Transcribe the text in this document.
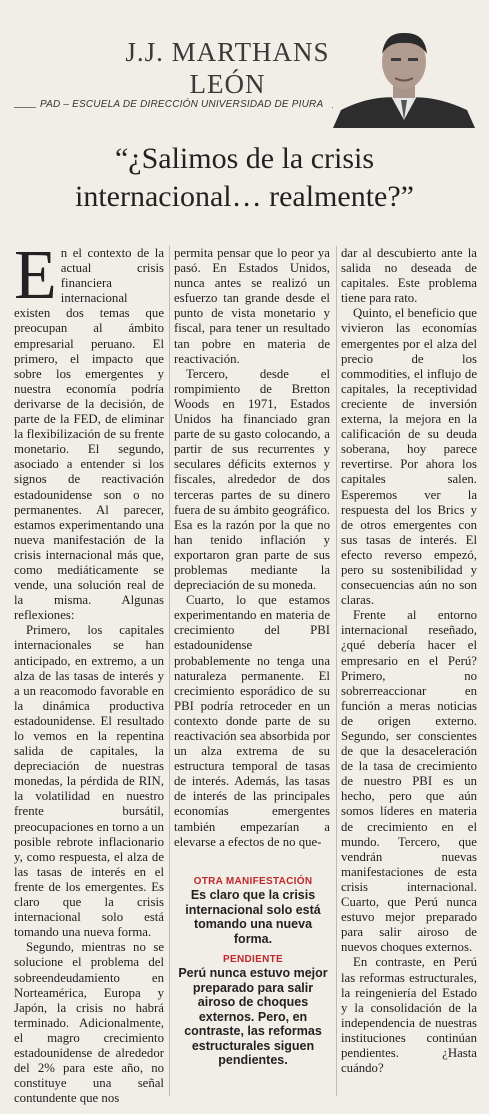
J.J. MARTHANS
LEÓN
PAD – ESCUELA DE DIRECCIÓN UNIVERSIDAD DE PIURA
“¿Salimos de la crisis
internacional… realmente?”

En el contexto de la actual crisis financiera internacional existen dos temas que preocupan al ámbito empresarial peruano. El primero, el impacto que sobre los emergentes y nuestra economía podría derivarse de la decisión, de parte de la FED, de eliminar la flexibilización de su frente monetario. El segundo, asociado a entender si los signos de reactivación estadounidense son o no permanentes. Al parecer, estamos experimentando una nueva manifestación de la crisis internacional más que, como mediáticamente se vende, una solución real de la misma. Algunas reflexiones:

Primero, los capitales internacionales se han anticipado, en extremo, a un alza de las tasas de interés y a un reacomodo favorable en la dinámica productiva estadounidense. El resultado lo vemos en la repentina salida de capitales, la depreciación de nuestras monedas, la pérdida de RIN, la volatilidad en nuestro frente bursátil, preocupaciones en torno a un posible rebrote inflacionario y, como respuesta, el alza de las tasas de interés en el frente de los emergentes. Es claro que la crisis internacional solo está tomando una nueva forma.

Segundo, mientras no se solucione el problema del sobreendeudamiento en Norteamérica, Europa y Japón, la crisis no habrá terminado. Adicionalmente, el magro crecimiento estadounidense de alrededor del 2% para este año, no constituye una señal contundente que nos

permita pensar que lo peor ya pasó. En Estados Unidos, nunca antes se realizó un esfuerzo tan grande desde el punto de vista monetario y fiscal, para tener un resultado tan pobre en materia de reactivación.

Tercero, desde el rompimiento de Bretton Woods en 1971, Estados Unidos ha financiado gran parte de su gasto colocando, a partir de sus recurrentes y seculares déficits externos y fiscales, alrededor de dos terceras partes de su dinero fuera de su ámbito geográfico. Esa es la razón por la que no han tenido inflación y exportaron gran parte de sus problemas mediante la depreciación de su moneda.

Cuarto, lo que estamos experimentando en materia de crecimiento del PBI estadounidense probablemente no tenga una naturaleza permanente. El crecimiento esporádico de su PBI podría retroceder en un contexto donde parte de su reactivación sea absorbida por un alza extrema de su estructura temporal de tasas de interés. Además, las tasas de interés de las principales economías emergentes también empezarían a elevarse a efectos de no que-

OTRA MANIFESTACIÓN
Es claro que la crisis internacional solo está tomando una nueva forma.
PENDIENTE
Perú nunca estuvo mejor preparado para salir airoso de choques externos. Pero, en contraste, las reformas estructurales siguen pendientes.

dar al descubierto ante la salida no deseada de capitales. Este problema tiene para rato.

Quinto, el beneficio que vivieron las economías emergentes por el alza del precio de los commodities, el influjo de capitales, la receptividad creciente de inversión externa, la mejora en la calificación de su deuda soberana, hoy parece revertirse. Por ahora los capitales salen. Esperemos ver la respuesta del los Brics y de otros emergentes con sus tasas de interés. El efecto reverso empezó, pero su sostenibilidad y consecuencias aún no son claras.

Frente al entorno internacional reseñado, ¿qué debería hacer el empresario en el Perú? Primero, no sobrerreaccionar en función a meras noticias de origen externo. Segundo, ser conscientes de que la desaceleración de la tasa de crecimiento de nuestro PBI es un hecho, pero que aún somos líderes en materia de crecimiento en el mundo. Tercero, que vendrán nuevas manifestaciones de esta crisis internacional. Cuarto, que Perú nunca estuvo mejor preparado para salir airoso de nuevos choques externos.

En contraste, en Perú las reformas estructurales, la reingeniería del Estado y la consolidación de la independencia de nuestras instituciones continúan pendientes. ¿Hasta cuándo?
